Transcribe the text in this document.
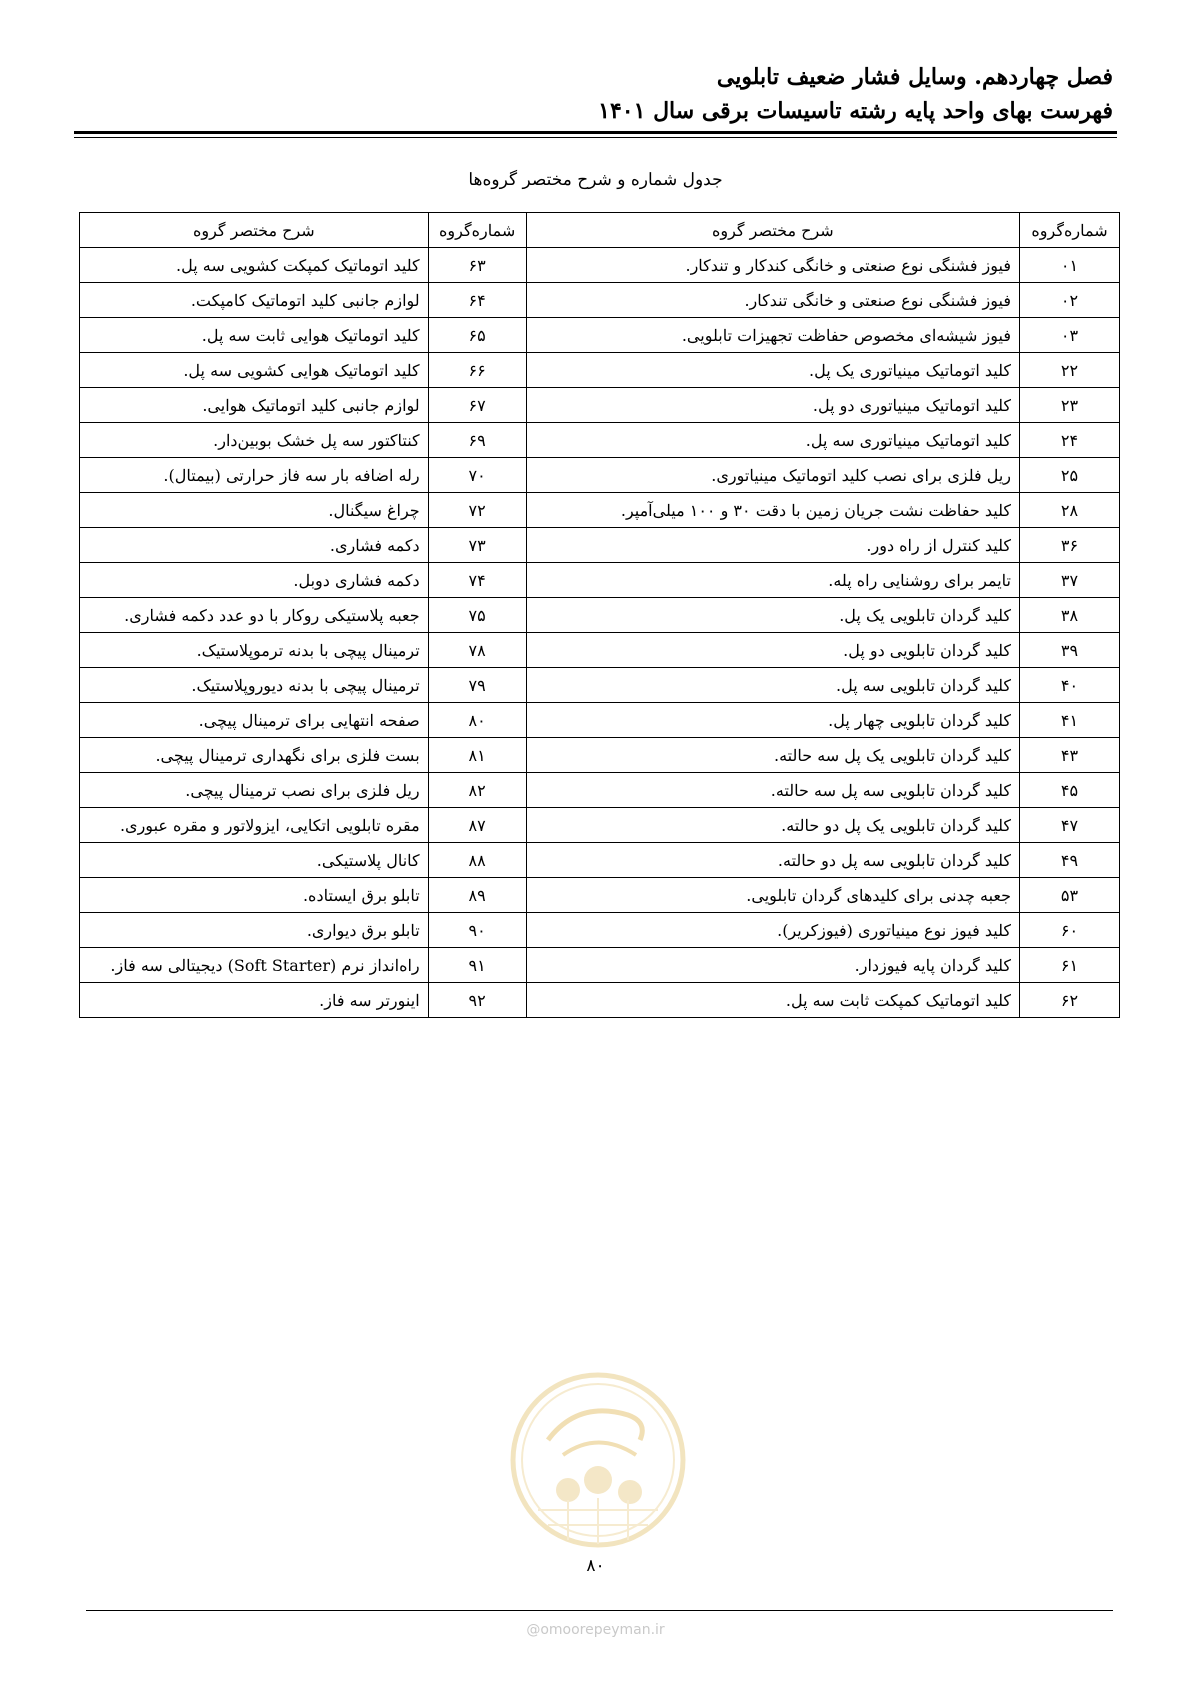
فصل چهاردهم. وسایل فشار ضعیف تابلویی
فهرست بهای واحد پایه رشته تاسیسات برقی سال ۱۴۰۱
جدول شماره و شرح مختصر گروه‌ها
شماره‌گروه	شرح مختصر گروه	شماره‌گروه	شرح مختصر گروه
۰۱	فیوز فشنگی نوع صنعتی و خانگی کندکار و تندکار.	۶۳	کلید اتوماتیک کمپکت کشویی سه پل.
۰۲	فیوز فشنگی نوع صنعتی و خانگی تندکار.	۶۴	لوازم جانبی کلید اتوماتیک کامپکت.
۰۳	فیوز شیشه‌ای مخصوص حفاظت تجهیزات تابلویی.	۶۵	کلید اتوماتیک هوایی ثابت سه پل.
۲۲	کلید اتوماتیک مینیاتوری یک پل.	۶۶	کلید اتوماتیک هوایی کشویی سه پل.
۲۳	کلید اتوماتیک مینیاتوری دو پل.	۶۷	لوازم جانبی کلید اتوماتیک هوایی.
۲۴	کلید اتوماتیک مینیاتوری سه پل.	۶۹	کنتاکتور سه پل خشک بوبین‌دار.
۲۵	ریل فلزی برای نصب کلید اتوماتیک مینیاتوری.	۷۰	رله اضافه بار سه فاز حرارتی (بیمتال).
۲۸	کلید حفاظت نشت جریان زمین با دقت ۳۰ و ۱۰۰ میلی‌آمپر.	۷۲	چراغ سیگنال.
۳۶	کلید کنترل از راه دور.	۷۳	دکمه فشاری.
۳۷	تایمر برای روشنایی راه پله.	۷۴	دکمه فشاری دوبل.
۳۸	کلید گردان تابلویی یک پل.	۷۵	جعبه پلاستیکی روکار با دو عدد دکمه فشاری.
۳۹	کلید گردان تابلویی دو پل.	۷۸	ترمینال پیچی با بدنه ترموپلاستیک.
۴۰	کلید گردان تابلویی سه پل.	۷۹	ترمینال پیچی با بدنه دیوروپلاستیک.
۴۱	کلید گردان تابلویی چهار پل.	۸۰	صفحه انتهایی برای ترمینال پیچی.
۴۳	کلید گردان تابلویی یک پل سه حالته.	۸۱	بست فلزی برای نگهداری ترمینال پیچی.
۴۵	کلید گردان تابلویی سه پل سه حالته.	۸۲	ریل فلزی برای نصب ترمینال پیچی.
۴۷	کلید گردان تابلویی یک پل دو حالته.	۸۷	مقره تابلویی اتکایی، ایزولاتور و مقره عبوری.
۴۹	کلید گردان تابلویی سه پل دو حالته.	۸۸	کانال پلاستیکی.
۵۳	جعبه چدنی برای کلیدهای گردان تابلویی.	۸۹	تابلو برق ایستاده.
۶۰	کلید فیوز نوع مینیاتوری (فیوزکریر).	۹۰	تابلو برق دیواری.
۶۱	کلید گردان پایه فیوزدار.	۹۱	راه‌انداز نرم (Soft Starter) دیجیتالی سه فاز.
۶۲	کلید اتوماتیک کمپکت ثابت سه پل.	۹۲	اینورتر سه فاز.
۸۰
@omoorepeyman.ir
